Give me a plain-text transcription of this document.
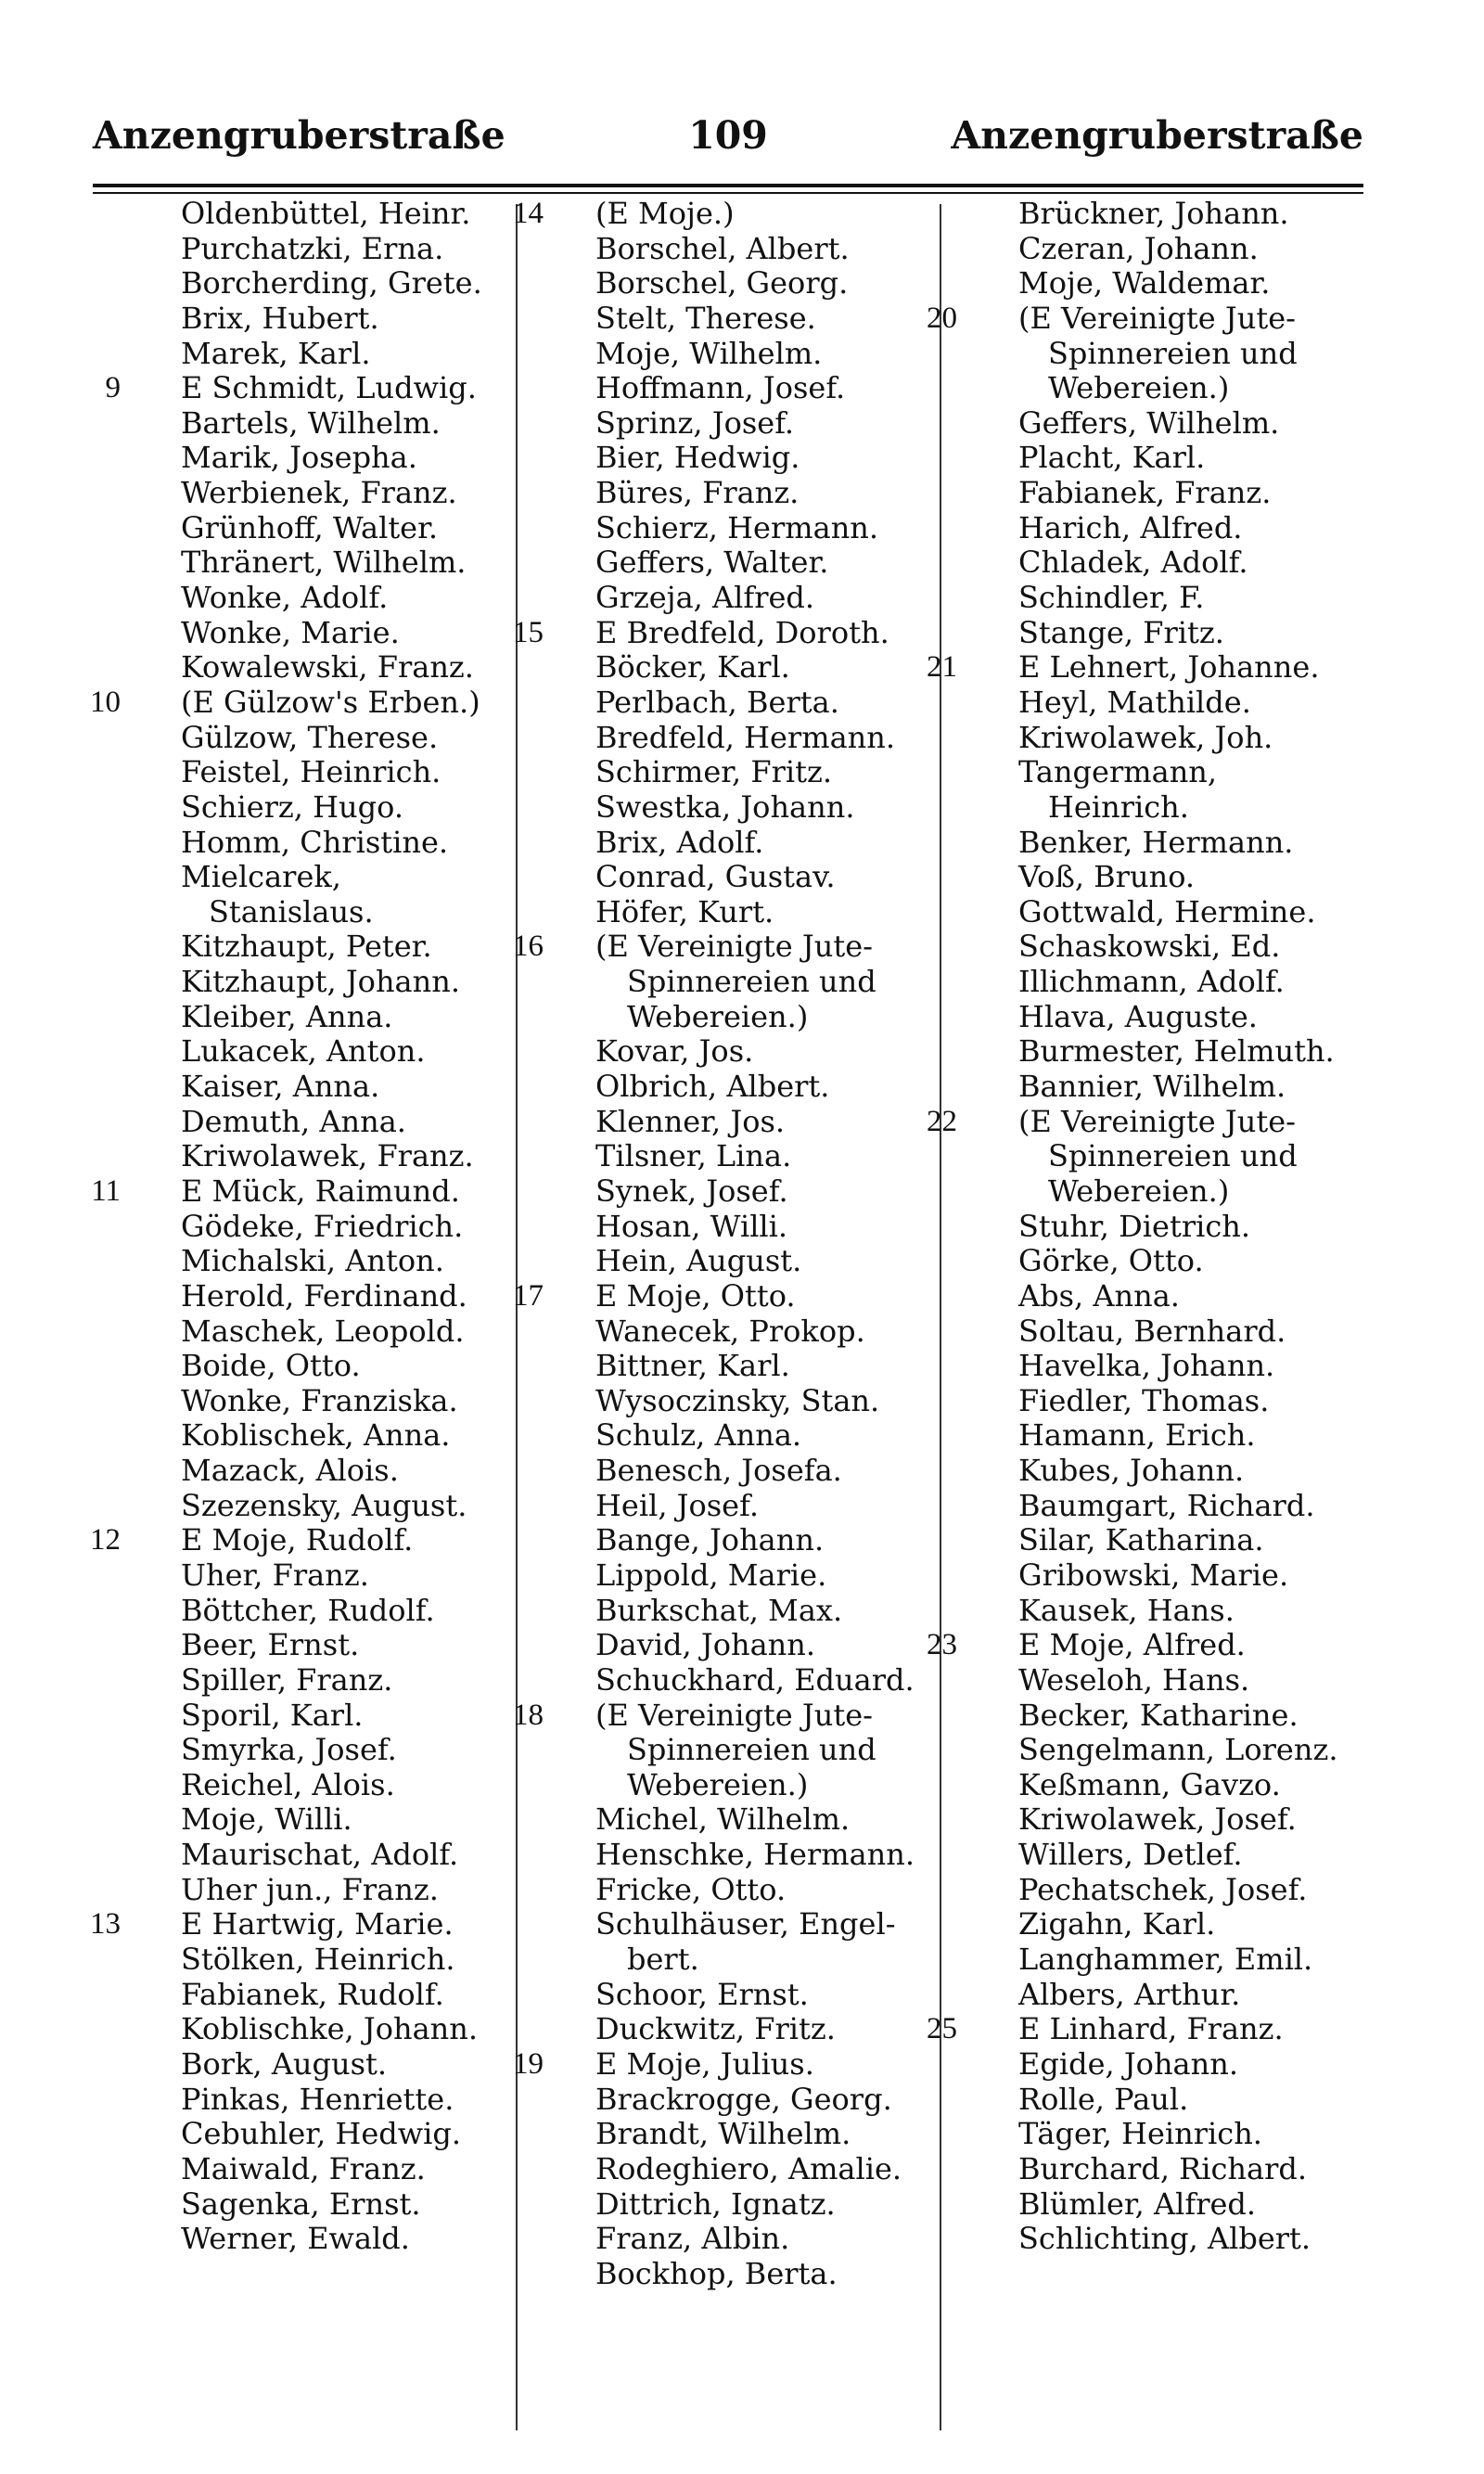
Anzengruberstraße	109	Anzengruberstraße
Oldenbüttel, Heinr.
Purchatzki, Erna.
Borcherding, Grete.
Brix, Hubert.
Marek, Karl.
9 E Schmidt, Ludwig.
Bartels, Wilhelm.
Marik, Josepha.
Werbienek, Franz.
Grünhoff, Walter.
Thränert, Wilhelm.
Wonke, Adolf.
Wonke, Marie.
Kowalewski, Franz.
10 (E Gülzow's Erben.)
Gülzow, Therese.
Feistel, Heinrich.
Schierz, Hugo.
Homm, Christine.
Mielcarek,
Stanislaus.
Kitzhaupt, Peter.
Kitzhaupt, Johann.
Kleiber, Anna.
Lukacek, Anton.
Kaiser, Anna.
Demuth, Anna.
Kriwolawek, Franz.
11 E Mück, Raimund.
Gödeke, Friedrich.
Michalski, Anton.
Herold, Ferdinand.
Maschek, Leopold.
Boide, Otto.
Wonke, Franziska.
Koblischek, Anna.
Mazack, Alois.
Szezensky, August.
12 E Moje, Rudolf.
Uher, Franz.
Böttcher, Rudolf.
Beer, Ernst.
Spiller, Franz.
Sporil, Karl.
Smyrka, Josef.
Reichel, Alois.
Moje, Willi.
Maurischat, Adolf.
Uher jun., Franz.
13 E Hartwig, Marie.
Stölken, Heinrich.
Fabianek, Rudolf.
Koblischke, Johann.
Bork, August.
Pinkas, Henriette.
Cebuhler, Hedwig.
Maiwald, Franz.
Sagenka, Ernst.
Werner, Ewald.
14 (E Moje.)
Borschel, Albert.
Borschel, Georg.
Stelt, Therese.
Moje, Wilhelm.
Hoffmann, Josef.
Sprinz, Josef.
Bier, Hedwig.
Büres, Franz.
Schierz, Hermann.
Geffers, Walter.
Grzeja, Alfred.
15 E Bredfeld, Doroth.
Böcker, Karl.
Perlbach, Berta.
Bredfeld, Hermann.
Schirmer, Fritz.
Swestka, Johann.
Brix, Adolf.
Conrad, Gustav.
Höfer, Kurt.
16 (E Vereinigte Jute-
Spinnereien und
Webereien.)
Kovar, Jos.
Olbrich, Albert.
Klenner, Jos.
Tilsner, Lina.
Synek, Josef.
Hosan, Willi.
Hein, August.
17 E Moje, Otto.
Wanecek, Prokop.
Bittner, Karl.
Wysoczinsky, Stan.
Schulz, Anna.
Benesch, Josefa.
Heil, Josef.
Bange, Johann.
Lippold, Marie.
Burkschat, Max.
David, Johann.
Schuckhard, Eduard.
18 (E Vereinigte Jute-
Spinnereien und
Webereien.)
Michel, Wilhelm.
Henschke, Hermann.
Fricke, Otto.
Schulhäuser, Engel-
bert.
Schoor, Ernst.
Duckwitz, Fritz.
19 E Moje, Julius.
Brackrogge, Georg.
Brandt, Wilhelm.
Rodeghiero, Amalie.
Dittrich, Ignatz.
Franz, Albin.
Bockhop, Berta.
Brückner, Johann.
Czeran, Johann.
Moje, Waldemar.
20 (E Vereinigte Jute-
Spinnereien und
Webereien.)
Geffers, Wilhelm.
Placht, Karl.
Fabianek, Franz.
Harich, Alfred.
Chladek, Adolf.
Schindler, F.
Stange, Fritz.
21 E Lehnert, Johanne.
Heyl, Mathilde.
Kriwolawek, Joh.
Tangermann,
Heinrich.
Benker, Hermann.
Voß, Bruno.
Gottwald, Hermine.
Schaskowski, Ed.
Illichmann, Adolf.
Hlava, Auguste.
Burmester, Helmuth.
Bannier, Wilhelm.
22 (E Vereinigte Jute-
Spinnereien und
Webereien.)
Stuhr, Dietrich.
Görke, Otto.
Abs, Anna.
Soltau, Bernhard.
Havelka, Johann.
Fiedler, Thomas.
Hamann, Erich.
Kubes, Johann.
Baumgart, Richard.
Silar, Katharina.
Gribowski, Marie.
Kausek, Hans.
23 E Moje, Alfred.
Weseloh, Hans.
Becker, Katharine.
Sengelmann, Lorenz.
Keßmann, Gavzo.
Kriwolawek, Josef.
Willers, Detlef.
Pechatschek, Josef.
Zigahn, Karl.
Langhammer, Emil.
Albers, Arthur.
25 E Linhard, Franz.
Egide, Johann.
Rolle, Paul.
Täger, Heinrich.
Burchard, Richard.
Blümler, Alfred.
Schlichting, Albert.
